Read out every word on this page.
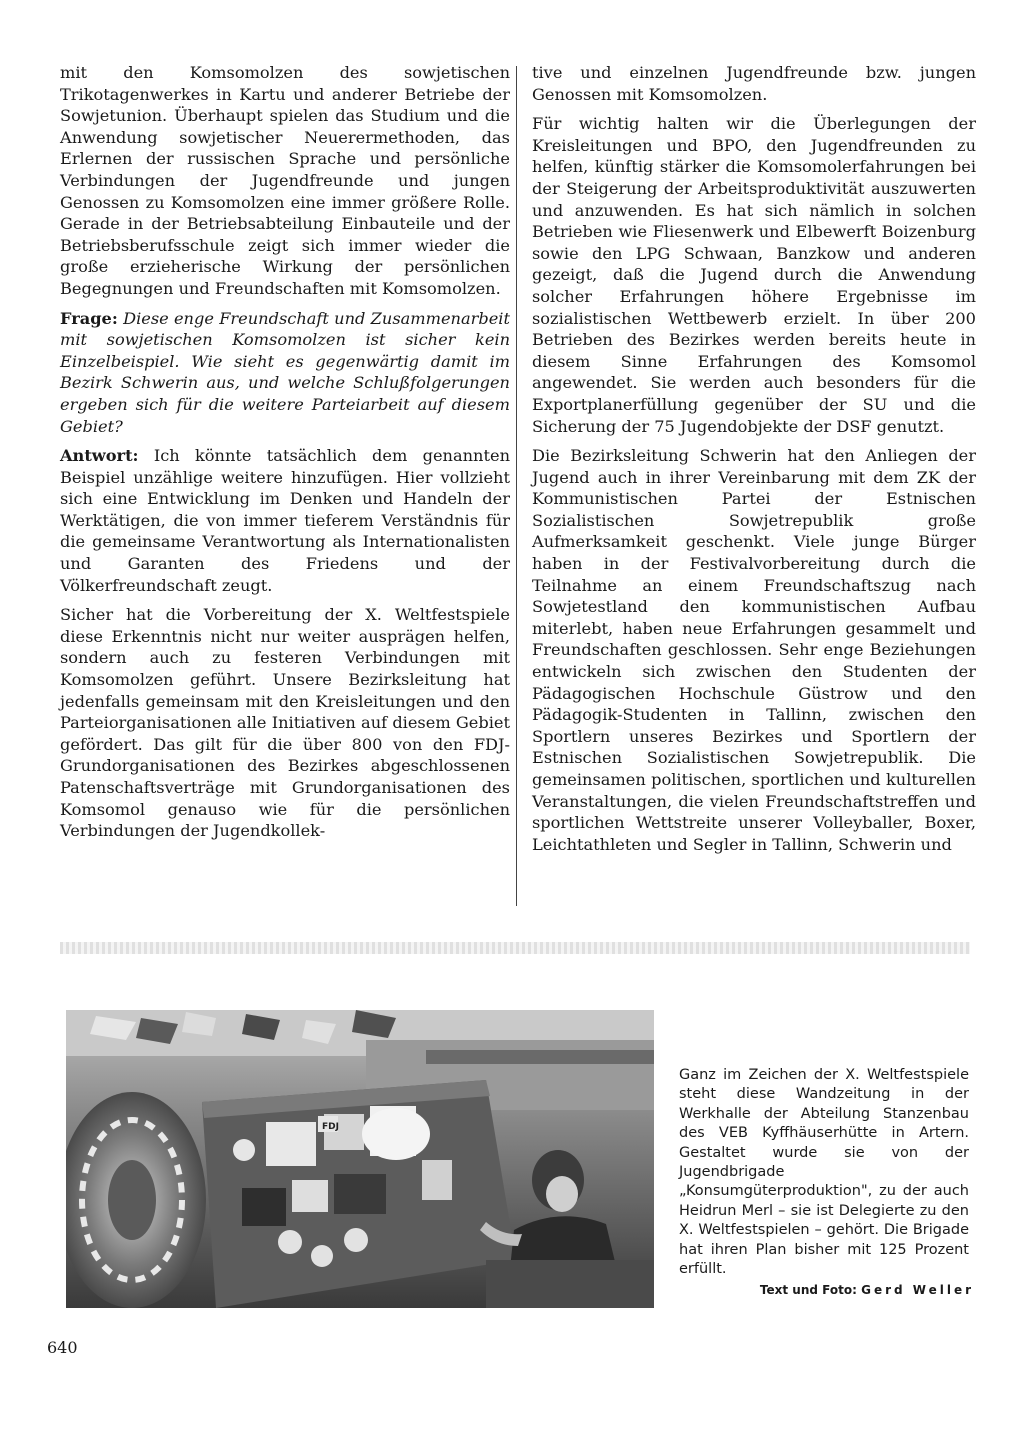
mit den Komsomolzen des sowjetischen Trikotagenwerkes in Kartu und anderer Betriebe der Sowjetunion. Überhaupt spielen das Studium und die Anwendung sowjetischer Neuerermethoden, das Erlernen der russischen Sprache und persönliche Verbindungen der Jugendfreunde und jungen Genossen zu Komsomolzen eine immer größere Rolle. Gerade in der Betriebsabteilung Einbauteile und der Betriebsberufsschule zeigt sich immer wieder die große erzieherische Wirkung der persönlichen Begegnungen und Freundschaften mit Komsomolzen.

Frage: Diese enge Freundschaft und Zusammenarbeit mit sowjetischen Komsomolzen ist sicher kein Einzelbeispiel. Wie sieht es gegenwärtig damit im Bezirk Schwerin aus, und welche Schlußfolgerungen ergeben sich für die weitere Parteiarbeit auf diesem Gebiet?

Antwort: Ich könnte tatsächlich dem genannten Beispiel unzählige weitere hinzufügen. Hier vollzieht sich eine Entwicklung im Denken und Handeln der Werktätigen, die von immer tieferem Verständnis für die gemeinsame Verantwortung als Internationalisten und Garanten des Friedens und der Völkerfreundschaft zeugt.

Sicher hat die Vorbereitung der X. Weltfestspiele diese Erkenntnis nicht nur weiter ausprägen helfen, sondern auch zu festeren Verbindungen mit Komsomolzen geführt. Unsere Bezirksleitung hat jedenfalls gemeinsam mit den Kreisleitungen und den Parteiorganisationen alle Initiativen auf diesem Gebiet gefördert. Das gilt für die über 800 von den FDJ-Grundorganisationen des Bezirkes abgeschlossenen Patenschaftsverträge mit Grundorganisationen des Komsomol genauso wie für die persönlichen Verbindungen der Jugendkollek-

tive und einzelnen Jugendfreunde bzw. jungen Genossen mit Komsomolzen.

Für wichtig halten wir die Überlegungen der Kreisleitungen und BPO, den Jugendfreunden zu helfen, künftig stärker die Komsomolerfahrungen bei der Steigerung der Arbeitsproduktivität auszuwerten und anzuwenden. Es hat sich nämlich in solchen Betrieben wie Fliesenwerk und Elbewerft Boizenburg sowie den LPG Schwaan, Banzkow und anderen gezeigt, daß die Jugend durch die Anwendung solcher Erfahrungen höhere Ergebnisse im sozialistischen Wettbewerb erzielt. In über 200 Betrieben des Bezirkes werden bereits heute in diesem Sinne Erfahrungen des Komsomol angewendet. Sie werden auch besonders für die Exportplanerfüllung gegenüber der SU und die Sicherung der 75 Jugendobjekte der DSF genutzt.

Die Bezirksleitung Schwerin hat den Anliegen der Jugend auch in ihrer Vereinbarung mit dem ZK der Kommunistischen Partei der Estnischen Sozialistischen Sowjetrepublik große Aufmerksamkeit geschenkt. Viele junge Bürger haben in der Festivalvorbereitung durch die Teilnahme an einem Freundschaftszug nach Sowjetestland den kommunistischen Aufbau miterlebt, haben neue Erfahrungen gesammelt und Freundschaften geschlossen. Sehr enge Beziehungen entwickeln sich zwischen den Studenten der Pädagogischen Hochschule Güstrow und den Pädagogik-Studenten in Tallinn, zwischen den Sportlern unseres Bezirkes und Sportlern der Estnischen Sozialistischen Sowjetrepublik. Die gemeinsamen politischen, sportlichen und kulturellen Veranstaltungen, die vielen Freundschaftstreffen und sportlichen Wettstreite unserer Volleyballer, Boxer, Leichtathleten und Segler in Tallinn, Schwerin und

FDJ
Ganz im Zeichen der X. Weltfestspiele steht diese Wandzeitung in der Werkhalle der Abteilung Stanzenbau des VEB Kyffhäuserhütte in Artern. Gestaltet wurde sie von der Jugendbrigade „Konsumgüterproduktion", zu der auch Heidrun Merl – sie ist Delegierte zu den X. Weltfestspielen – gehört. Die Brigade hat ihren Plan bisher mit 125 Prozent erfüllt.
Text und Foto: Gerd Weller
640
